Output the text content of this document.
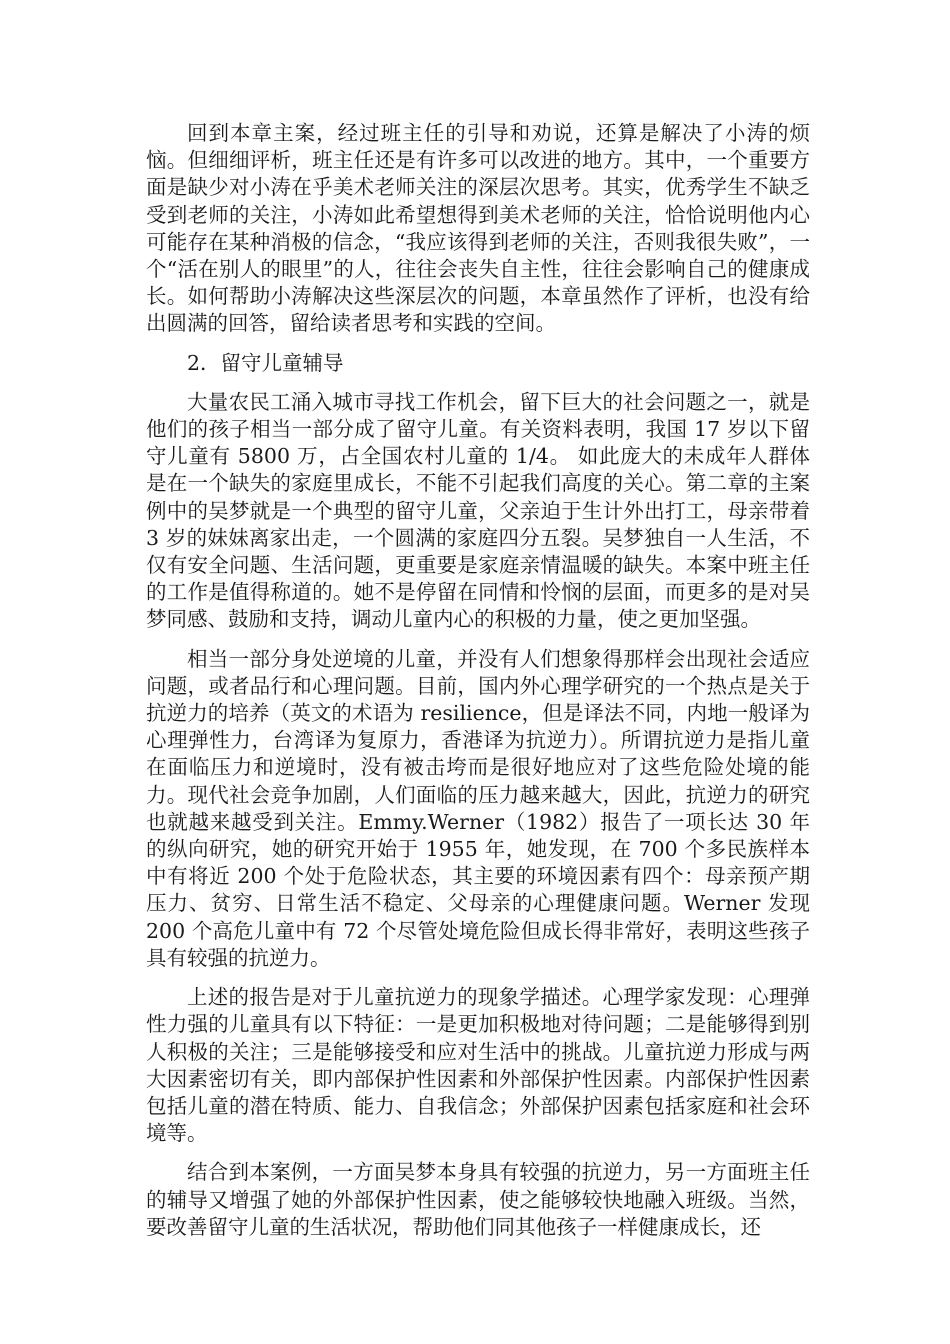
回到本章主案，经过班主任的引导和劝说，还算是解决了小涛的烦恼。但细细评析，班主任还是有许多可以改进的地方。其中，一个重要方面是缺少对小涛在乎美术老师关注的深层次思考。其实，优秀学生不缺乏受到老师的关注，小涛如此希望想得到美术老师的关注，恰恰说明他内心可能存在某种消极的信念，“我应该得到老师的关注，否则我很失败”，一个“活在别人的眼里”的人，往往会丧失自主性，往往会影响自己的健康成长。如何帮助小涛解决这些深层次的问题，本章虽然作了评析，也没有给出圆满的回答，留给读者思考和实践的空间。

2．留守儿童辅导

大量农民工涌入城市寻找工作机会，留下巨大的社会问题之一，就是他们的孩子相当一部分成了留守儿童。有关资料表明，我国 17 岁以下留守儿童有 5800 万，占全国农村儿童的 1/4。 如此庞大的未成年人群体是在一个缺失的家庭里成长，不能不引起我们高度的关心。第二章的主案例中的吴梦就是一个典型的留守儿童，父亲迫于生计外出打工，母亲带着 3 岁的妹妹离家出走，一个圆满的家庭四分五裂。吴梦独自一人生活，不仅有安全问题、生活问题，更重要是家庭亲情温暖的缺失。本案中班主任的工作是值得称道的。她不是停留在同情和怜悯的层面，而更多的是对吴梦同感、鼓励和支持，调动儿童内心的积极的力量，使之更加坚强。

相当一部分身处逆境的儿童，并没有人们想象得那样会出现社会适应问题，或者品行和心理问题。目前，国内外心理学研究的一个热点是关于抗逆力的培养（英文的术语为 resilience，但是译法不同，内地一般译为心理弹性力，台湾译为复原力，香港译为抗逆力）。所谓抗逆力是指儿童在面临压力和逆境时，没有被击垮而是很好地应对了这些危险处境的能力。现代社会竞争加剧，人们面临的压力越来越大，因此，抗逆力的研究也就越来越受到关注。Emmy.Werner（1982）报告了一项长达 30 年的纵向研究，她的研究开始于 1955 年，她发现，在 700 个多民族样本中有将近 200 个处于危险状态，其主要的环境因素有四个：母亲预产期压力、贫穷、日常生活不稳定、父母亲的心理健康问题。Werner 发现 200 个高危儿童中有 72 个尽管处境危险但成长得非常好，表明这些孩子具有较强的抗逆力。

上述的报告是对于儿童抗逆力的现象学描述。心理学家发现：心理弹性力强的儿童具有以下特征：一是更加积极地对待问题；二是能够得到别人积极的关注；三是能够接受和应对生活中的挑战。儿童抗逆力形成与两大因素密切有关，即内部保护性因素和外部保护性因素。内部保护性因素包括儿童的潜在特质、能力、自我信念；外部保护因素包括家庭和社会环境等。

结合到本案例，一方面吴梦本身具有较强的抗逆力，另一方面班主任的辅导又增强了她的外部保护性因素，使之能够较快地融入班级。当然，要改善留守儿童的生活状况，帮助他们同其他孩子一样健康成长，还
